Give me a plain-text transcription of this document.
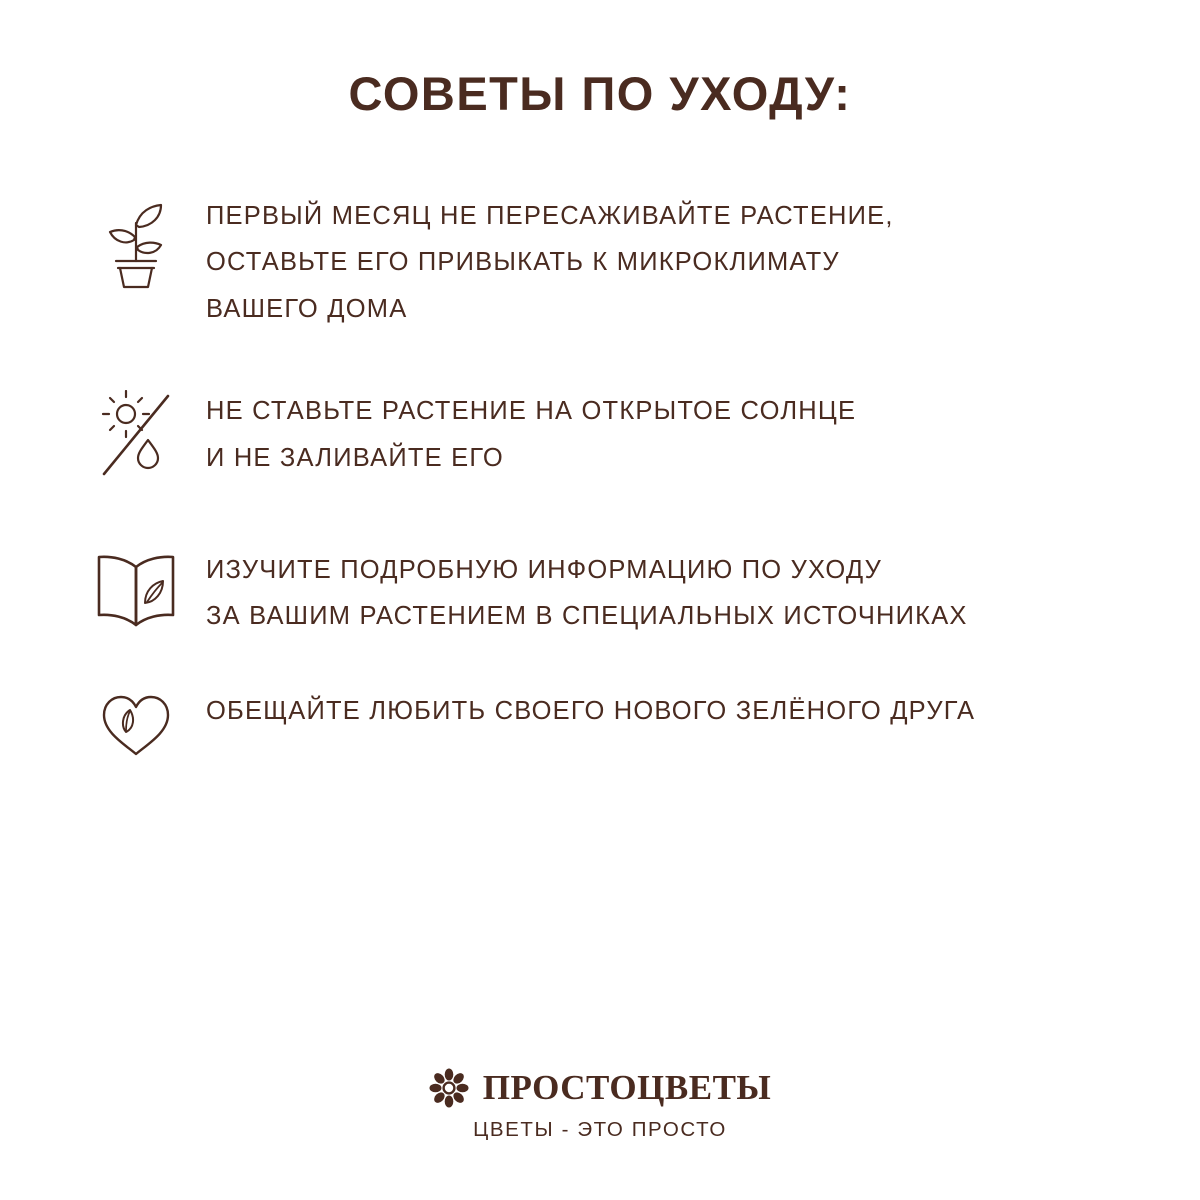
СОВЕТЫ ПО УХОДУ:
ПЕРВЫЙ МЕСЯЦ НЕ ПЕРЕСАЖИВАЙТЕ РАСТЕНИЕ,
ОСТАВЬТЕ ЕГО ПРИВЫКАТЬ К МИКРОКЛИМАТУ
ВАШЕГО ДОМА
НЕ СТАВЬТЕ РАСТЕНИЕ НА ОТКРЫТОЕ СОЛНЦЕ
И НЕ ЗАЛИВАЙТЕ ЕГО
ИЗУЧИТЕ ПОДРОБНУЮ ИНФОРМАЦИЮ ПО УХОДУ
ЗА ВАШИМ РАСТЕНИЕМ В СПЕЦИАЛЬНЫХ ИСТОЧНИКАХ
ОБЕЩАЙТЕ ЛЮБИТЬ СВОЕГО НОВОГО ЗЕЛЁНОГО ДРУГА
ПРОСТОЦВЕТЫ
ЦВЕТЫ - ЭТО ПРОСТО
